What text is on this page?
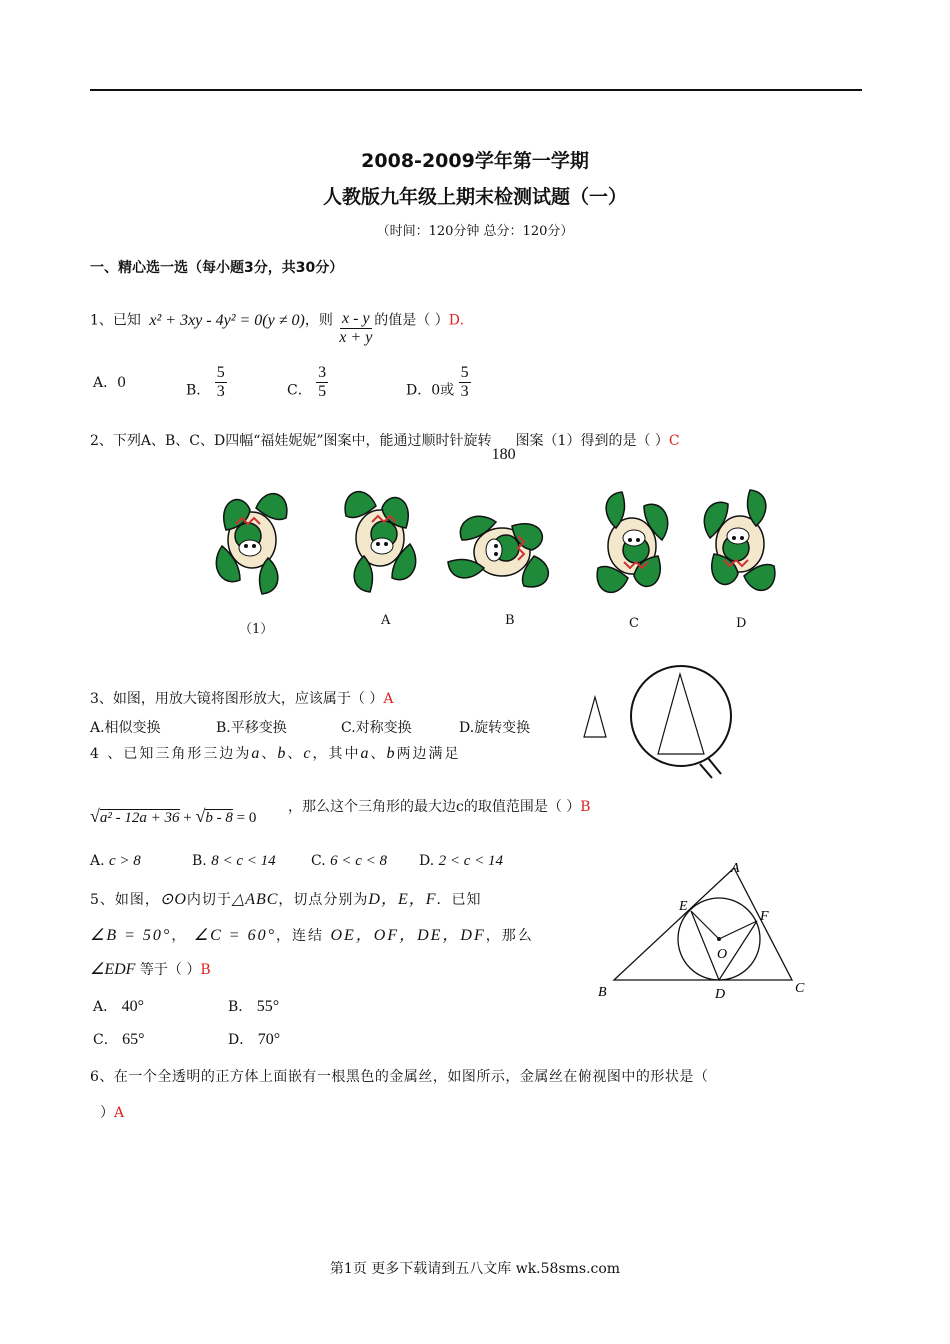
2008-2009学年第一学期
人教版九年级上期末检测试题（一）
（时间：120分钟 总分：120分）
一、精心选一选（每小题3分，共30分）
1、已知 x² + 3xy - 4y² = 0(y ≠ 0)，则 $\frac{x - y}{x + y}$ 的值是（ ）D.
A．0	B． $\frac{5}{3}$	C． $\frac{3}{5}$	D．0或 $\frac{5}{3}$
2、下列A、B、C、D四幅“福娃妮妮”图案中，能通过顺时针旋转180图案（1）得到的是（ ）C
（1）
A	B	C	D
3、如图，用放大镜将图形放大，应该属于（ ）A
A.相似变换	B.平移变换	C.对称变换	D.旋转变换
4 、已知三角形三边为a、b、c，其中a、b两边满足
√a² - 12a + 36 + √b - 8 = 0
，那么这个三角形的最大边c的取值范围是（ ）B
A. c > 8	B. 8 < c < 14	C. 6 < c < 8 D. 2 < c < 14
5、如图，⊙O内切于△ABC，切点分别为D，E，F．已知
∠B = 50°， ∠C = 60°，连结 OE，OF，DE，DF，那么
∠EDF 等于（ ）B
A． 40°	B． 55°
C． 65°	D． 70°
A
B	C
D
E
F
O
6、在一个全透明的正方体上面嵌有一根黑色的金属丝，如图所示，金属丝在俯视图中的形状是（
）A
第1页 更多下载请到五八文库 wk.58sms.com
